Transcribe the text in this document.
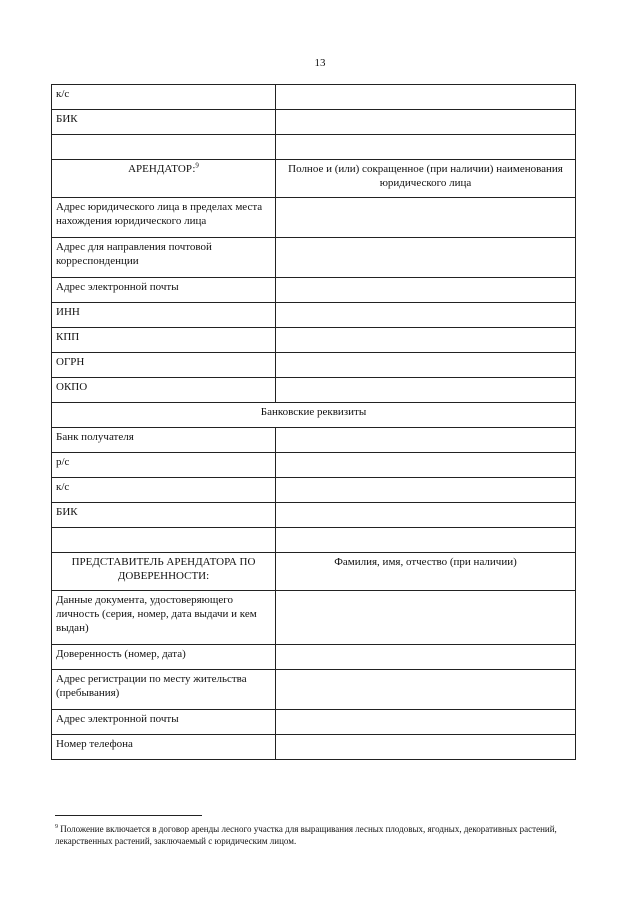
13
к/с	
БИК	

АРЕНДАТОР:$^9$	Полное и (или) сокращенное (при наличии) наименования юридического лица
Адрес юридического лица в пределах места нахождения юридического лица	
Адрес для направления почтовой корреспонденции	
Адрес электронной почты	
ИНН	
КПП	
ОГРН	
ОКПО	
Банковские реквизиты	
Банк получателя	
р/с	
к/с	
БИК	

ПРЕДСТАВИТЕЛЬ АРЕНДАТОРА ПО ДОВЕРЕННОСТИ:	Фамилия, имя, отчество (при наличии)
Данные документа, удостоверяющего личность (серия, номер, дата выдачи и кем выдан)	
Доверенность (номер, дата)	
Адрес регистрации по месту жительства (пребывания)	
Адрес электронной почты	
Номер телефона	
$^9$ Положение включается в договор аренды лесного участка для выращивания лесных плодовых, ягодных, декоративных растений, лекарственных растений, заключаемый с юридическим лицом.
